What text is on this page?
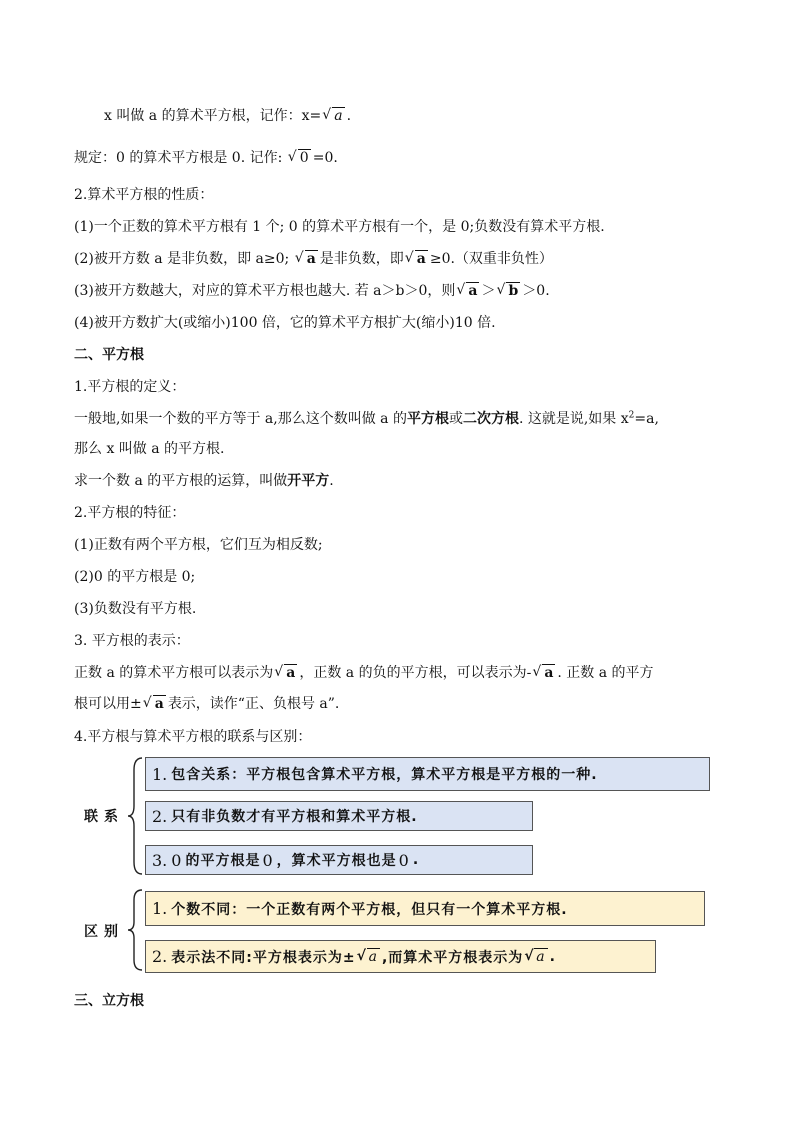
x 叫做 a 的算术平方根，记作：x= √ a .
规定：0 的算术平方根是 0. 记作: √ 0 =0.
2.算术平方根的性质：
(1)一个正数的算术平方根有 1 个; 0 的算术平方根有一个，是 0;负数没有算术平方根.
(2)被开方数 a 是非负数，即 a≥0; √ a 是非负数，即 √ a ≥0.（双重非负性）
(3)被开方数越大，对应的算术平方根也越大. 若 a＞b＞0，则 √ a ＞ √ b ＞0.
(4)被开方数扩大(或缩小)100 倍，它的算术平方根扩大(缩小)10 倍.
二、平方根
1.平方根的定义：
一般地,如果一个数的平方等于 a,那么这个数叫做 a 的平方根或二次方根. 这就是说,如果 $x^2=a$,
那么 x 叫做 a 的平方根.
求一个数 a 的平方根的运算，叫做开平方.
2.平方根的特征：
(1)正数有两个平方根，它们互为相反数;
(2)0 的平方根是 0;
(3)负数没有平方根.
3. 平方根的表示：
正数 a 的算术平方根可以表示为 √ a ，正数 a 的负的平方根，可以表示为- √ a . 正数 a 的平方
根可以用± √ a 表示，读作“正、负根号 a”.
4.平方根与算术平方根的联系与区别：
联系
1. 包含关系：平方根包含算术平方根，算术平方根是平方根的一种.
2. 只有非负数才有平方根和算术平方根.
3. 0 的平方根是 0 ，算术平方根也是 0 .
区别
1. 个数不同：一个正数有两个平方根，但只有一个算术平方根.
2. 表示法不同:平方根表示为± √ a ,而算术平方根表示为 √ a .
三、立方根
